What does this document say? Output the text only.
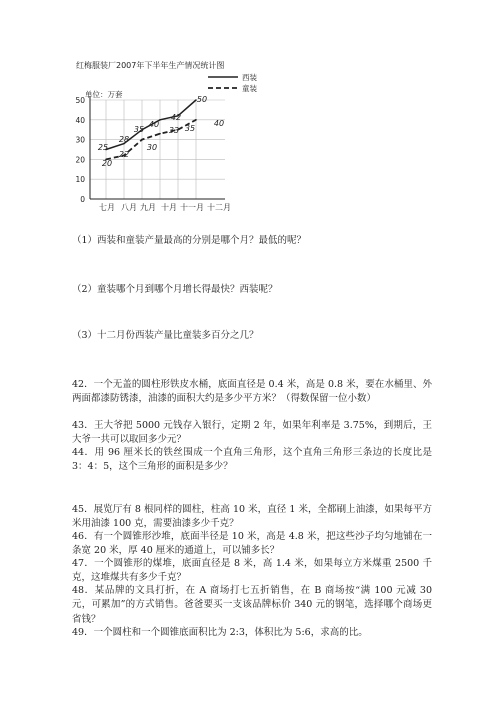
红梅服装厂2007年下半年生产情况统计图
0
10
20
30
40
50
单位：万套
七月 八月 九月 十月 十一月 十二月
25
28
35
40
42
50
20
22
30
33 35
40
西装
童装
（1）西装和童装产量最高的分别是哪个月？最低的呢？
（2）童装哪个月到哪个月增长得最快？西装呢？
（3）十二月份西装产量比童装多百分之几？
42．一个无盖的圆柱形铁皮水桶，底面直径是 0.4 米，高是 0.8 米，要在水桶里、外两面都漆防锈漆，油漆的面积大约是多少平方米？（得数保留一位小数）
43．王大爷把 5000 元钱存入银行，定期 2 年，如果年利率是 3.75%，到期后，王大爷一共可以取回多少元？
44．用 96 厘米长的铁丝围成一个直角三角形，这个直角三角形三条边的长度比是 3：4：5，这个三角形的面积是多少？
45．展览厅有 8 根同样的圆柱，柱高 10 米，直径 1 米，全都刷上油漆，如果每平方米用油漆 100 克，需要油漆多少千克？
46．有一个圆锥形沙堆，底面半径是 10 米，高是 4.8 米，把这些沙子均匀地铺在一条宽 20 米，厚 40 厘米的通道上，可以铺多长？
47．一个圆锥形的煤堆，底面直径是 8 米，高 1.4 米，如果每立方米煤重 2500 千克，这堆煤共有多少千克？
48．某品牌的文具打折，在 A 商场打七五折销售，在 B 商场按“满 100 元减 30 元，可累加”的方式销售。爸爸要买一支该品牌标价 340 元的钢笔，选择哪个商场更省钱？
49．一个圆柱和一个圆锥底面积比为 2:3，体积比为 5:6，求高的比。
